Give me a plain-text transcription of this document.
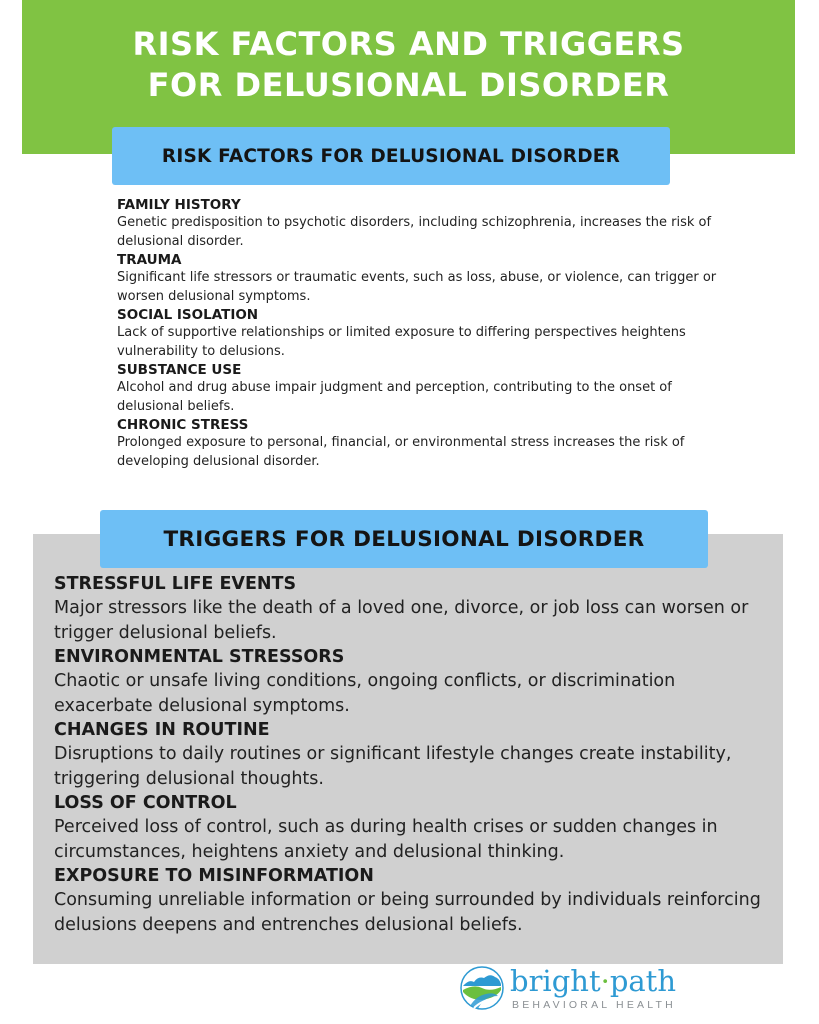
RISK FACTORS AND TRIGGERS
FOR DELUSIONAL DISORDER
RISK FACTORS FOR DELUSIONAL DISORDER
FAMILY HISTORY
Genetic predisposition to psychotic disorders, including schizophrenia, increases the risk of delusional disorder.
TRAUMA
Significant life stressors or traumatic events, such as loss, abuse, or violence, can trigger or worsen delusional symptoms.
SOCIAL ISOLATION
Lack of supportive relationships or limited exposure to differing perspectives heightens vulnerability to delusions.
SUBSTANCE USE
Alcohol and drug abuse impair judgment and perception, contributing to the onset of delusional beliefs.
CHRONIC STRESS
Prolonged exposure to personal, financial, or environmental stress increases the risk of developing delusional disorder.
TRIGGERS FOR DELUSIONAL DISORDER
STRESSFUL LIFE EVENTS
Major stressors like the death of a loved one, divorce, or job loss can worsen or trigger delusional beliefs.
ENVIRONMENTAL STRESSORS
Chaotic or unsafe living conditions, ongoing conflicts, or discrimination exacerbate delusional symptoms.
CHANGES IN ROUTINE
Disruptions to daily routines or significant lifestyle changes create instability, triggering delusional thoughts.
LOSS OF CONTROL
Perceived loss of control, such as during health crises or sudden changes in circumstances, heightens anxiety and delusional thinking.
EXPOSURE TO MISINFORMATION
Consuming unreliable information or being surrounded by individuals reinforcing delusions deepens and entrenches delusional beliefs.
bright·path
BEHAVIORAL HEALTH
